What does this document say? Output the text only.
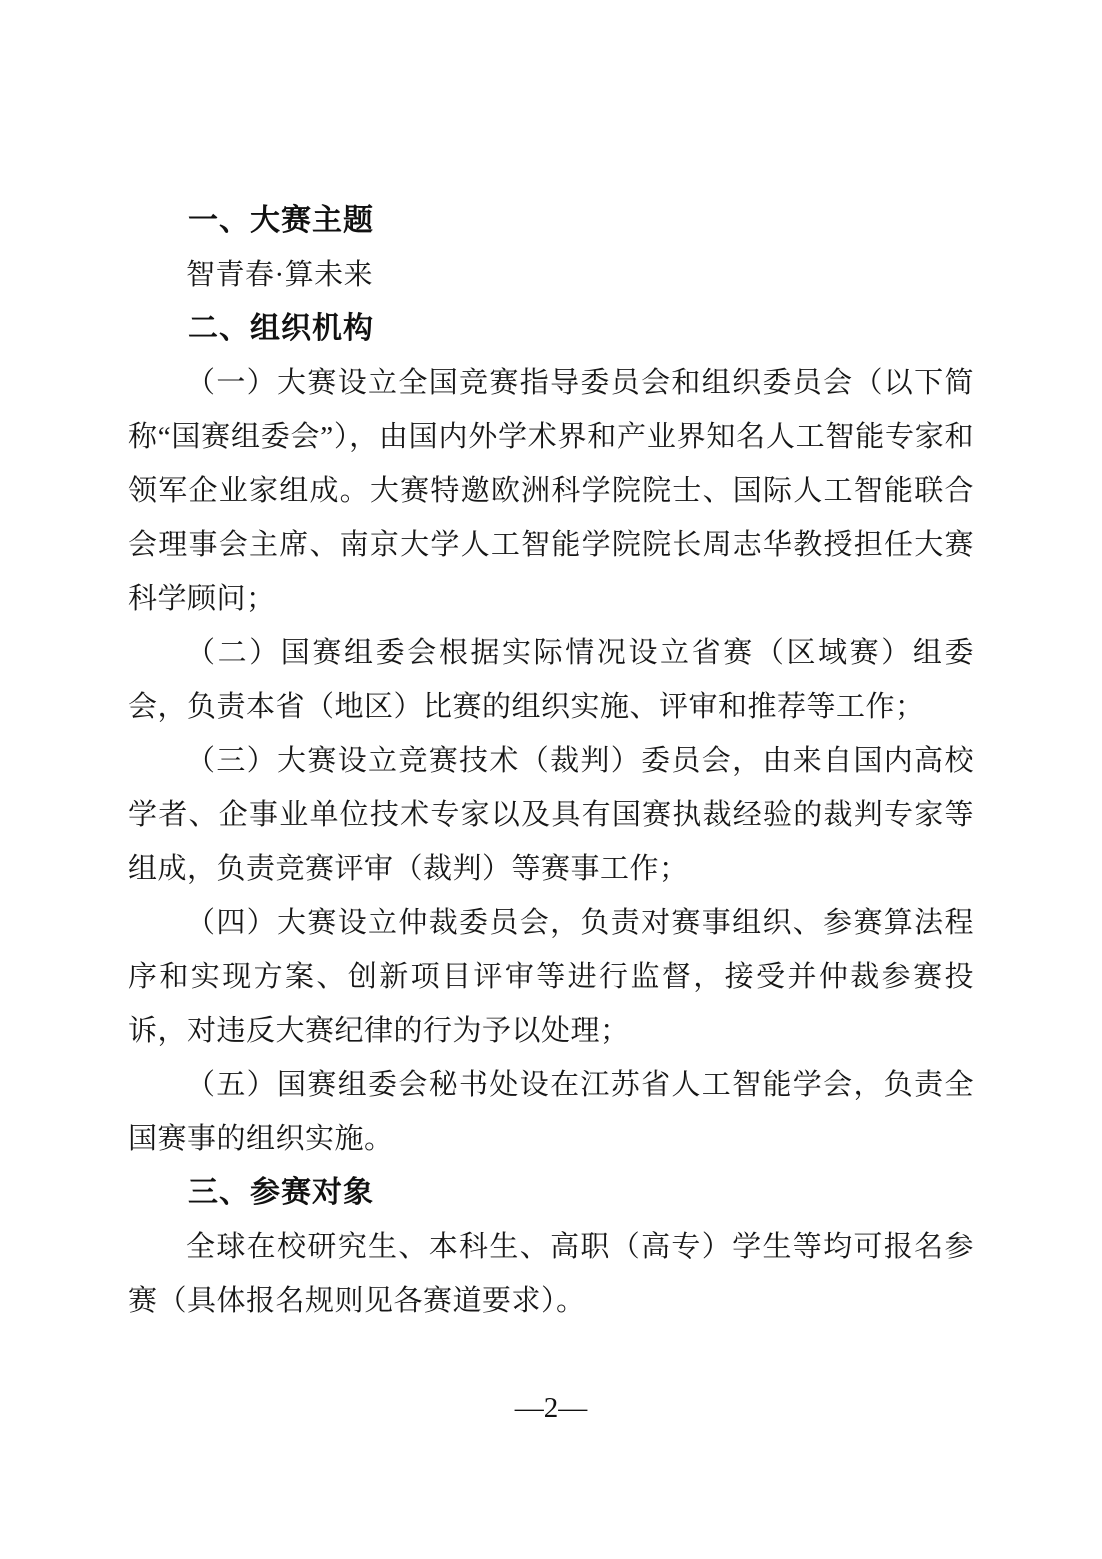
一、大赛主题

智青春·算未来

二、组织机构

（一）大赛设立全国竞赛指导委员会和组织委员会（以下简称“国赛组委会”），由国内外学术界和产业界知名人工智能专家和领军企业家组成。大赛特邀欧洲科学院院士、国际人工智能联合会理事会主席、南京大学人工智能学院院长周志华教授担任大赛科学顾问；

（二）国赛组委会根据实际情况设立省赛（区域赛）组委会，负责本省（地区）比赛的组织实施、评审和推荐等工作；

（三）大赛设立竞赛技术（裁判）委员会，由来自国内高校学者、企事业单位技术专家以及具有国赛执裁经验的裁判专家等组成，负责竞赛评审（裁判）等赛事工作；

（四）大赛设立仲裁委员会，负责对赛事组织、参赛算法程序和实现方案、创新项目评审等进行监督，接受并仲裁参赛投诉，对违反大赛纪律的行为予以处理；

（五）国赛组委会秘书处设在江苏省人工智能学会，负责全国赛事的组织实施。

三、参赛对象

全球在校研究生、本科生、高职（高专）学生等均可报名参赛（具体报名规则见各赛道要求）。

—2—
